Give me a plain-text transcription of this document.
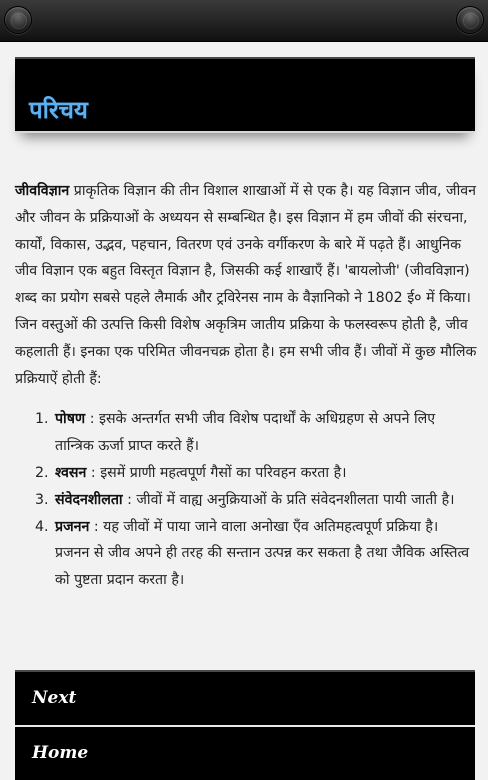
परिचय

जीवविज्ञान प्राकृतिक विज्ञान की तीन विशाल शाखाओं में से एक है। यह विज्ञान जीव, जीवन और जीवन के प्रक्रियाओं के अध्ययन से सम्बन्धित है। इस विज्ञान में हम जीवों की संरचना, कार्यों, विकास, उद्भव, पहचान, वितरण एवं उनके वर्गीकरण के बारे में पढ़ते हैं। आधुनिक जीव विज्ञान एक बहुत विस्तृत विज्ञान है, जिसकी कई शाखाएँ हैं। 'बायलोजी' (जीवविज्ञान) शब्द का प्रयोग सबसे पहले लैमार्क और ट्रविरेनस नाम के वैज्ञानिको ने 1802 ई० में किया। जिन वस्तुओं की उत्पत्ति किसी विशेष अकृत्रिम जातीय प्रक्रिया के फलस्वरूप होती है, जीव कहलाती हैं। इनका एक परिमित जीवनचक्र होता है। हम सभी जीव हैं। जीवों में कुछ मौलिक प्रक्रियाऐं होती हैं:

1. पोषण : इसके अन्तर्गत सभी जीव विशेष पदार्थों के अधिग्रहण से अपने लिए तान्त्रिक ऊर्जा प्राप्त करते हैं।
2. श्वसन : इसमें प्राणी महत्वपूर्ण गैसों का परिवहन करता है।
3. संवेदनशीलता : जीवों में वाह्य अनुक्रियाओं के प्रति संवेदनशीलता पायी जाती है।
4. प्रजनन : यह जीवों में पाया जाने वाला अनोखा एँव अतिमहत्वपूर्ण प्रक्रिया है। प्रजनन से जीव अपने ही तरह की सन्तान उत्पन्न कर सकता है तथा जैविक अस्तित्व को पुष्टता प्रदान करता है।
Next
Home
